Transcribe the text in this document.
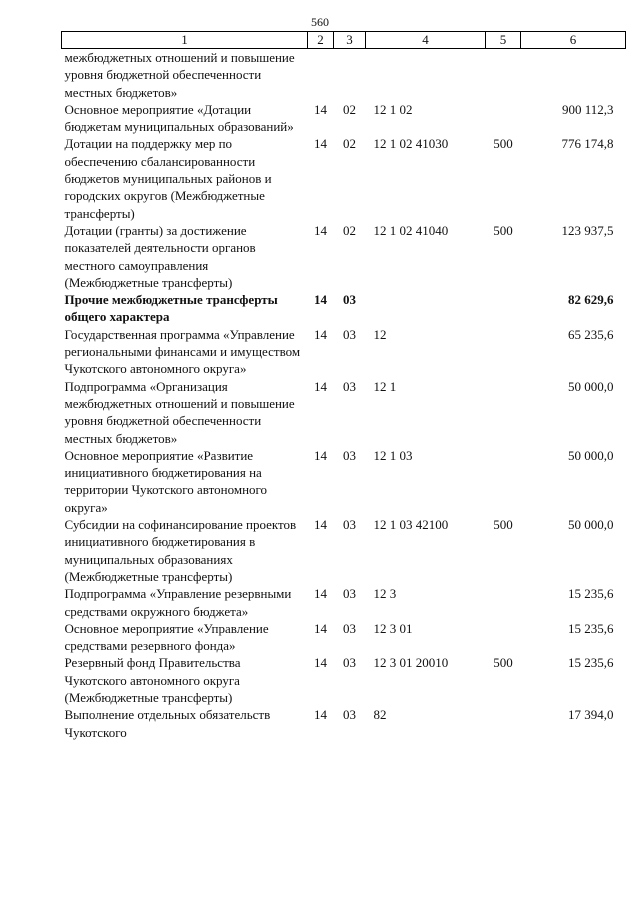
560
1	2	3	4	5	6
межбюджетных отношений и повышение уровня бюджетной обеспеченности местных бюджетов»					
Основное мероприятие «Дотации бюджетам муниципальных образований»	14	02	12 1 02		900 112,3
Дотации на поддержку мер по обеспечению сбалансированности бюджетов муниципальных районов и городских округов (Межбюджетные трансферты)	14	02	12 1 02 41030	500	776 174,8
Дотации (гранты) за достижение показателей деятельности органов местного самоуправления (Межбюджетные трансферты)	14	02	12 1 02 41040	500	123 937,5
Прочие межбюджетные трансферты общего характера	14	03			82 629,6
Государственная программа «Управление региональными финансами и имуществом Чукотского автономного округа»	14	03	12		65 235,6
Подпрограмма «Организация межбюджетных отношений и повышение уровня бюджетной обеспеченности местных бюджетов»	14	03	12 1		50 000,0
Основное мероприятие «Развитие инициативного бюджетирования на территории Чукотского автономного округа»	14	03	12 1 03		50 000,0
Субсидии на софинансирование проектов инициативного бюджетирования в муниципальных образованиях (Межбюджетные трансферты)	14	03	12 1 03 42100	500	50 000,0
Подпрограмма «Управление резервными средствами окружного бюджета»	14	03	12 3		15 235,6
Основное мероприятие «Управление средствами резервного фонда»	14	03	12 3 01		15 235,6
Резервный фонд Правительства Чукотского автономного округа (Межбюджетные трансферты)	14	03	12 3 01 20010	500	15 235,6
Выполнение отдельных обязательств Чукотского	14	03	82		17 394,0
